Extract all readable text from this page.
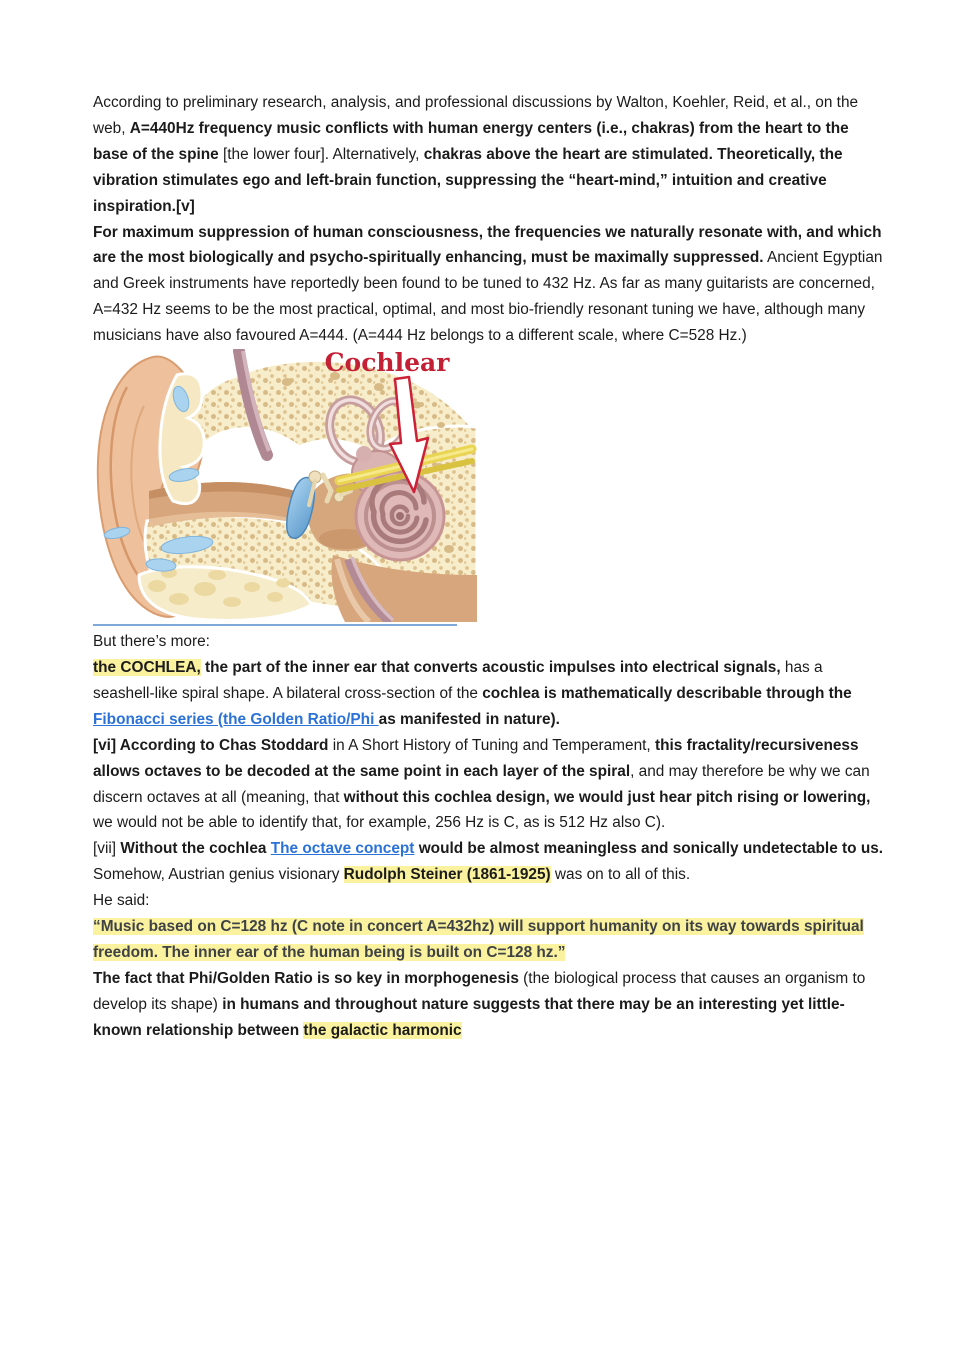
According to preliminary research, analysis, and professional discussions by Walton, Koehler, Reid, et al., on the web, A=440Hz frequency music conflicts with human energy centers (i.e., chakras) from the heart to the base of the spine [the lower four]. Alternatively, chakras above the heart are stimulated. Theoretically, the vibration stimulates ego and left-brain function, suppressing the “heart-mind,” intuition and creative inspiration.[v]

For maximum suppression of human consciousness, the frequencies we naturally resonate with, and which are the most biologically and psycho-spiritually enhancing, must be maximally suppressed. Ancient Egyptian and Greek instruments have reportedly been found to be tuned to 432 Hz. As far as many guitarists are concerned, A=432 Hz seems to be the most practical, optimal, and most bio-friendly resonant tuning we have, although many musicians have also favoured A=444. (A=444 Hz belongs to a different scale, where C=528 Hz.)

Cochlear

But there’s more:

the COCHLEA, the part of the inner ear that converts acoustic impulses into electrical signals, has a seashell-like spiral shape. A bilateral cross-section of the cochlea is mathematically describable through the Fibonacci series (the Golden Ratio/Phi as manifested in nature).

[vi] According to Chas Stoddard in A Short History of Tuning and Temperament, this fractality/recursiveness allows octaves to be decoded at the same point in each layer of the spiral, and may therefore be why we can discern octaves at all (meaning, that without this cochlea design, we would just hear pitch rising or lowering, we would not be able to identify that, for example, 256 Hz is C, as is 512 Hz also C).

[vii] Without the cochlea The octave concept would be almost meaningless and sonically undetectable to us.

Somehow, Austrian genius visionary Rudolph Steiner (1861-1925) was on to all of this.

He said:

“Music based on C=128 hz (C note in concert A=432hz) will support humanity on its way towards spiritual freedom. The inner ear of the human being is built on C=128 hz.”

The fact that Phi/Golden Ratio is so key in morphogenesis (the biological process that causes an organism to develop its shape) in humans and throughout nature suggests that there may be an interesting yet little-known relationship between the galactic harmonic
